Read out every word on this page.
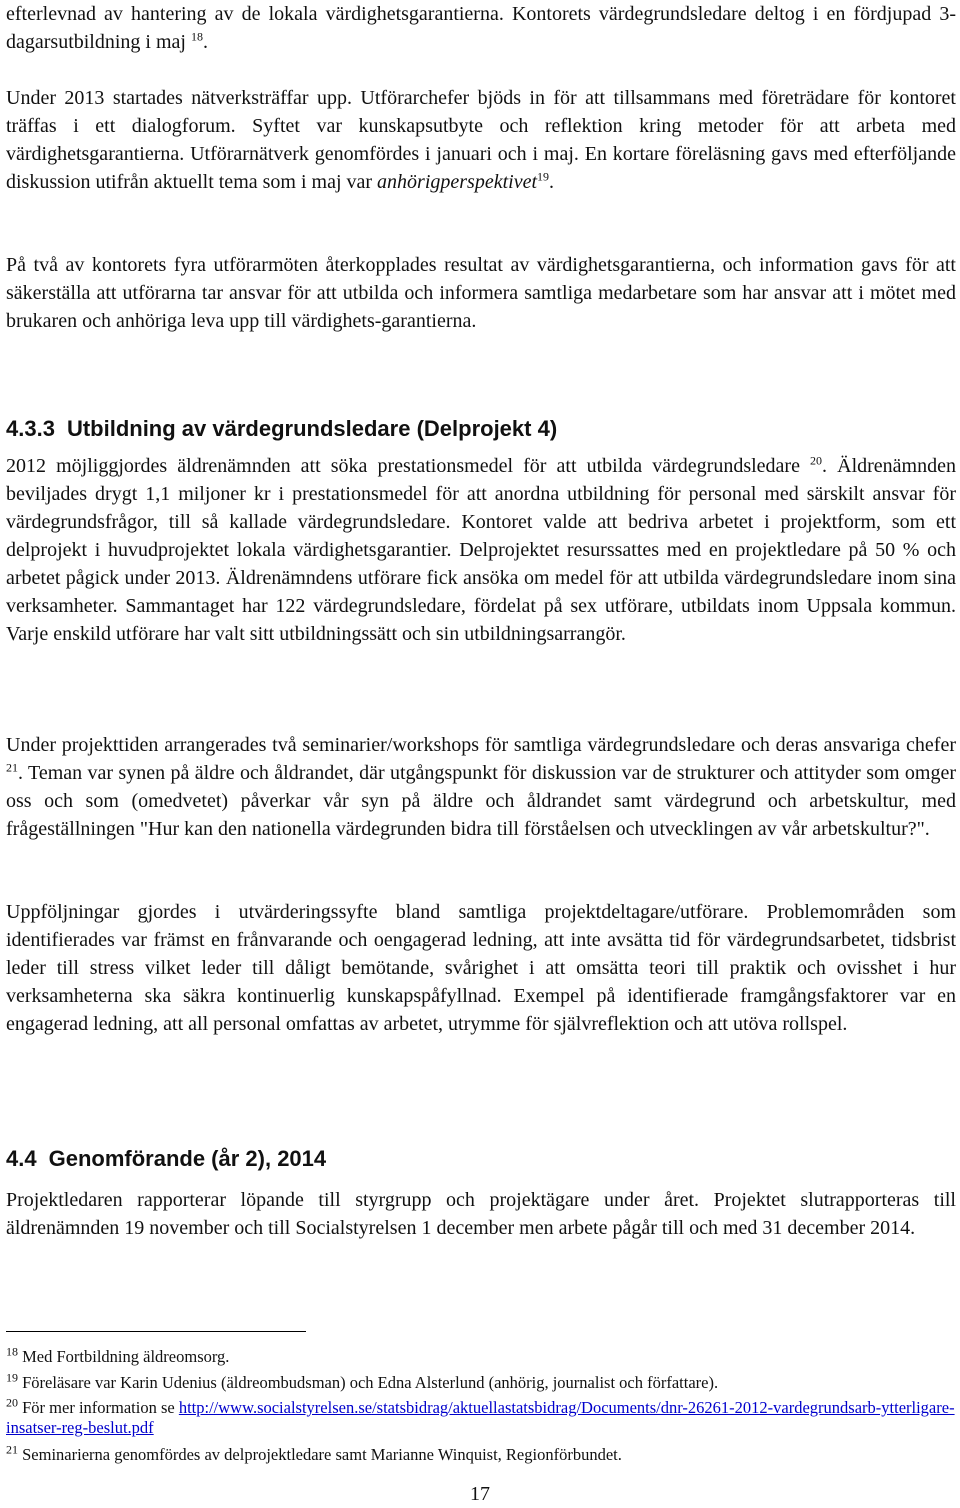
efterlevnad av hantering av de lokala värdighetsgarantierna. Kontorets värdegrundsledare deltog i en fördjupad 3-dagarsutbildning i maj $^{18}$.

Under 2013 startades nätverksträffar upp. Utförarchefer bjöds in för att tillsammans med företrädare för kontoret träffas i ett dialogforum. Syftet var kunskapsutbyte och reflektion kring metoder för att arbeta med värdighetsgarantierna. Utförarnätverk genomfördes i januari och i maj. En kortare föreläsning gavs med efterföljande diskussion utifrån aktuellt tema som i maj var anhörigperspektivet$^{19}$.

På två av kontorets fyra utförarmöten återkopplades resultat av värdighetsgarantierna, och information gavs för att säkerställa att utförarna tar ansvar för att utbilda och informera samtliga medarbetare som har ansvar att i mötet med brukaren och anhöriga leva upp till värdighets-garantierna.

4.3.3 Utbildning av värdegrundsledare (Delprojekt 4)

2012 möjliggjordes äldrenämnden att söka prestationsmedel för att utbilda värdegrundsledare $^{20}$. Äldrenämnden beviljades drygt 1,1 miljoner kr i prestationsmedel för att anordna utbildning för personal med särskilt ansvar för värdegrundsfrågor, till så kallade värdegrundsledare. Kontoret valde att bedriva arbetet i projektform, som ett delprojekt i huvudprojektet lokala värdighetsgarantier. Delprojektet resurssattes med en projektledare på 50 % och arbetet pågick under 2013. Äldrenämndens utförare fick ansöka om medel för att utbilda värdegrundsledare inom sina verksamheter. Sammantaget har 122 värdegrundsledare, fördelat på sex utförare, utbildats inom Uppsala kommun. Varje enskild utförare har valt sitt utbildningssätt och sin utbildningsarrangör.

Under projekttiden arrangerades två seminarier/workshops för samtliga värdegrundsledare och deras ansvariga chefer $^{21}$. Teman var synen på äldre och åldrandet, där utgångspunkt för diskussion var de strukturer och attityder som omger oss och som (omedvetet) påverkar vår syn på äldre och åldrandet samt värdegrund och arbetskultur, med frågeställningen "Hur kan den nationella värdegrunden bidra till förståelsen och utvecklingen av vår arbetskultur?".

Uppföljningar gjordes i utvärderingssyfte bland samtliga projektdeltagare/utförare. Problemområden som identifierades var främst en frånvarande och oengagerad ledning, att inte avsätta tid för värdegrundsarbetet, tidsbrist leder till stress vilket leder till dåligt bemötande, svårighet i att omsätta teori till praktik och ovisshet i hur verksamheterna ska säkra kontinuerlig kunskapspåfyllnad. Exempel på identifierade framgångsfaktorer var en engagerad ledning, att all personal omfattas av arbetet, utrymme för självreflektion och att utöva rollspel.

4.4 Genomförande (år 2), 2014

Projektledaren rapporterar löpande till styrgrupp och projektägare under året. Projektet slutrapporteras till äldrenämnden 19 november och till Socialstyrelsen 1 december men arbete pågår till och med 31 december 2014.

$^{18}$ Med Fortbildning äldreomsorg.

$^{19}$ Föreläsare var Karin Udenius (äldreombudsman) och Edna Alsterlund (anhörig, journalist och författare).

$^{20}$ För mer information se http://www.socialstyrelsen.se/statsbidrag/aktuellastatsbidrag/Documents/dnr-26261-2012-vardegrundsarb-ytterligare-insatser-reg-beslut.pdf

$^{21}$ Seminarierna genomfördes av delprojektledare samt Marianne Winquist, Regionförbundet.

17
